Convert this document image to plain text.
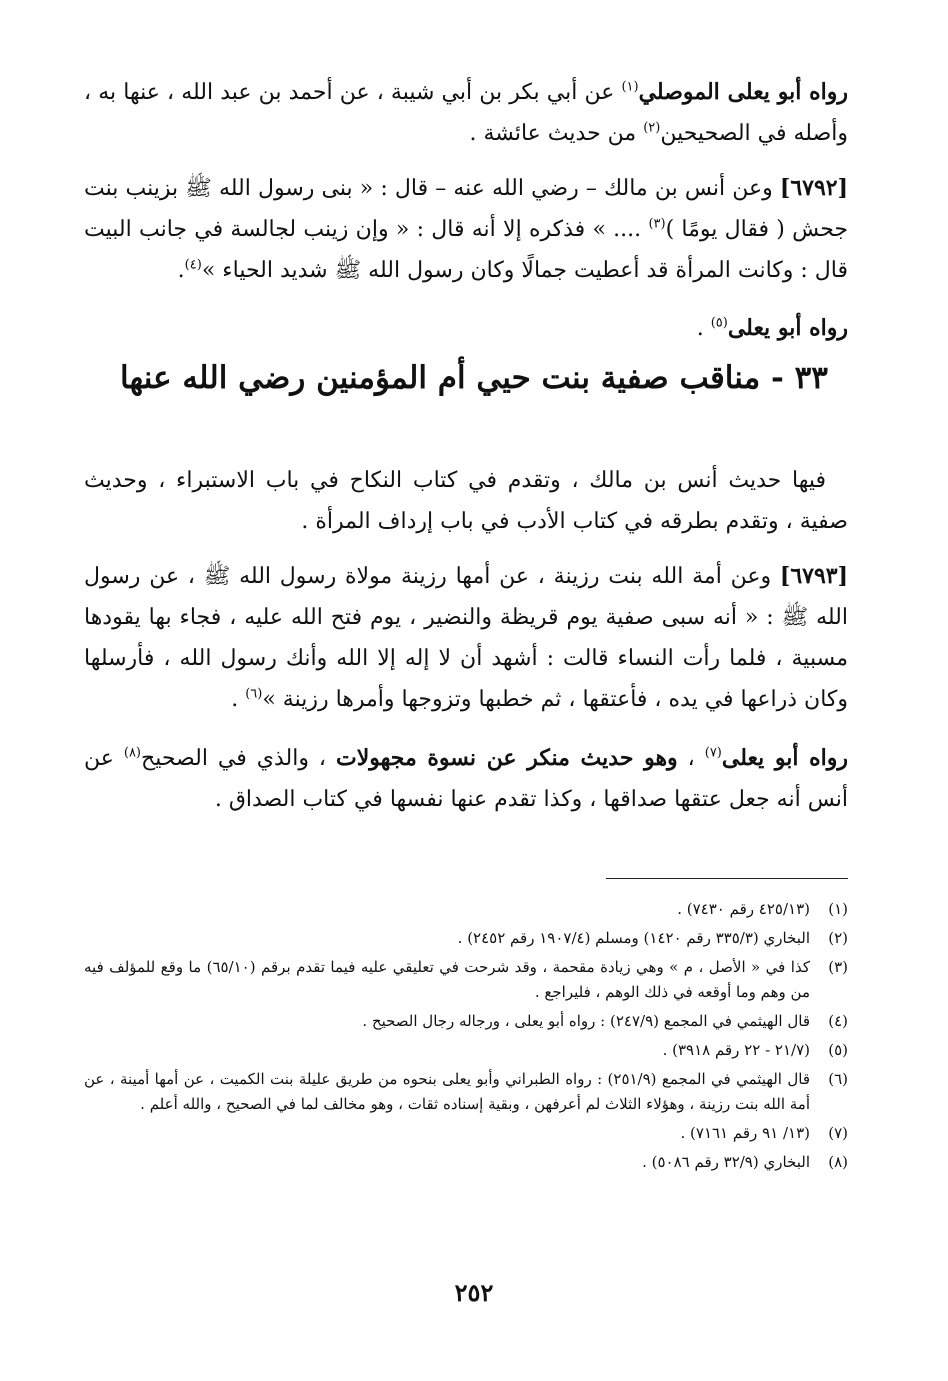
رواه أبو يعلى الموصلي$^{(١)}$ عن أبي بكر بن أبي شيبة ، عن أحمد بن عبد الله ، عنها به ، وأصله في الصحيحين$^{(٢)}$ من حديث عائشة .

[٦٧٩٢] وعن أنس بن مالك – رضي الله عنه – قال : « بنى رسول الله ﷺ بزينب بنت جحش ( فقال يومًا )$^{(٣)}$ .... » فذكره إلا أنه قال : « وإن زينب لجالسة في جانب البيت قال : وكانت المرأة قد أعطيت جمالًا وكان رسول الله ﷺ شديد الحياء »$^{(٤)}$.

رواه أبو يعلى$^{(٥)}$ .

٣٣ - مناقب صفية بنت حيي أم المؤمنين رضي الله عنها

فيها حديث أنس بن مالك ، وتقدم في كتاب النكاح في باب الاستبراء ، وحديث صفية ، وتقدم بطرقه في كتاب الأدب في باب إرداف المرأة .

[٦٧٩٣] وعن أمة الله بنت رزينة ، عن أمها رزينة مولاة رسول الله ﷺ ، عن رسول الله ﷺ : « أنه سبى صفية يوم قريظة والنضير ، يوم فتح الله عليه ، فجاء بها يقودها مسبية ، فلما رأت النساء قالت : أشهد أن لا إله إلا الله وأنك رسول الله ، فأرسلها وكان ذراعها في يده ، فأعتقها ، ثم خطبها وتزوجها وأمرها رزينة »$^{(٦)}$ .

رواه أبو يعلى$^{(٧)}$ ، وهو حديث منكر عن نسوة مجهولات ، والذي في الصحيح$^{(٨)}$ عن أنس أنه جعل عتقها صداقها ، وكذا تقدم عنها نفسها في كتاب الصداق .

(١)
(٤٢٥/١٣ رقم ٧٤٣٠) .

(٢)
البخاري (٣٣٥/٣ رقم ١٤٢٠) ومسلم (١٩٠٧/٤ رقم ٢٤٥٢) .

(٣)
كذا في « الأصل ، م » وهي زيادة مقحمة ، وقد شرحت في تعليقي عليه فيما تقدم برقم (٦٥/١٠) ما وقع للمؤلف فيه من وهم وما أوقعه في ذلك الوهم ، فليراجع .

(٤)
قال الهيثمي في المجمع (٢٤٧/٩) : رواه أبو يعلى ، ورجاله رجال الصحيح .

(٥)
(٢١/٧ - ٢٢ رقم ٣٩١٨) .

(٦)
قال الهيثمي في المجمع (٢٥١/٩) : رواه الطبراني وأبو يعلى بنحوه من طريق عليلة بنت الكميت ، عن أمها أمينة ، عن أمة الله بنت رزينة ، وهؤلاء الثلاث لم أعرفهن ، وبقية إسناده ثقات ، وهو مخالف لما في الصحيح ، والله أعلم .

(٧)
(١٣/ ٩١ رقم ٧١٦١) .

(٨)
البخاري (٣٢/٩ رقم ٥٠٨٦) .

٢٥٢
